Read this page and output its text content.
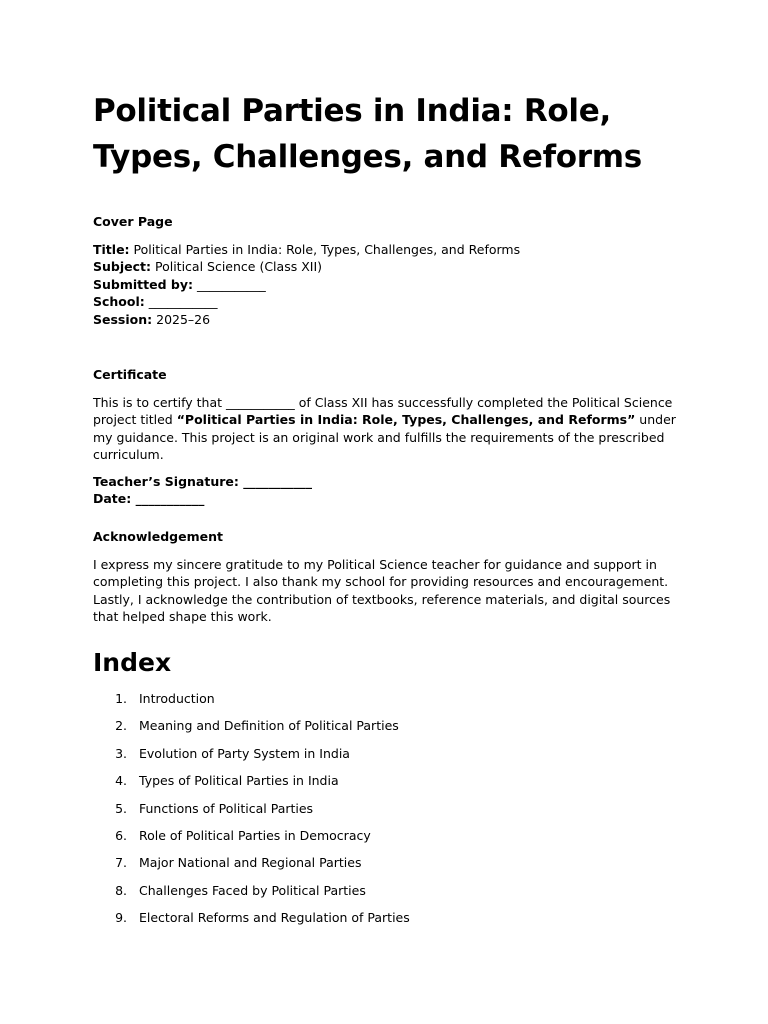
Political Parties in India: Role, Types, Challenges, and Reforms

Cover Page

Title: Political Parties in India: Role, Types, Challenges, and Reforms

Subject: Political Science (Class XII)

Submitted by: ___________

School: ___________

Session: 2025–26

Certificate

This is to certify that ___________ of Class XII has successfully completed the Political Science project titled “Political Parties in India: Role, Types, Challenges, and Reforms” under my guidance. This project is an original work and fulfills the requirements of the prescribed curriculum.

Teacher’s Signature: ___________

Date: ___________

Acknowledgement

I express my sincere gratitude to my Political Science teacher for guidance and support in completing this project. I also thank my school for providing resources and encouragement. Lastly, I acknowledge the contribution of textbooks, reference materials, and digital sources that helped shape this work.

Index
1. Introduction
2. Meaning and Definition of Political Parties
3. Evolution of Party System in India
4. Types of Political Parties in India
5. Functions of Political Parties
6. Role of Political Parties in Democracy
7. Major National and Regional Parties
8. Challenges Faced by Political Parties
9. Electoral Reforms and Regulation of Parties
